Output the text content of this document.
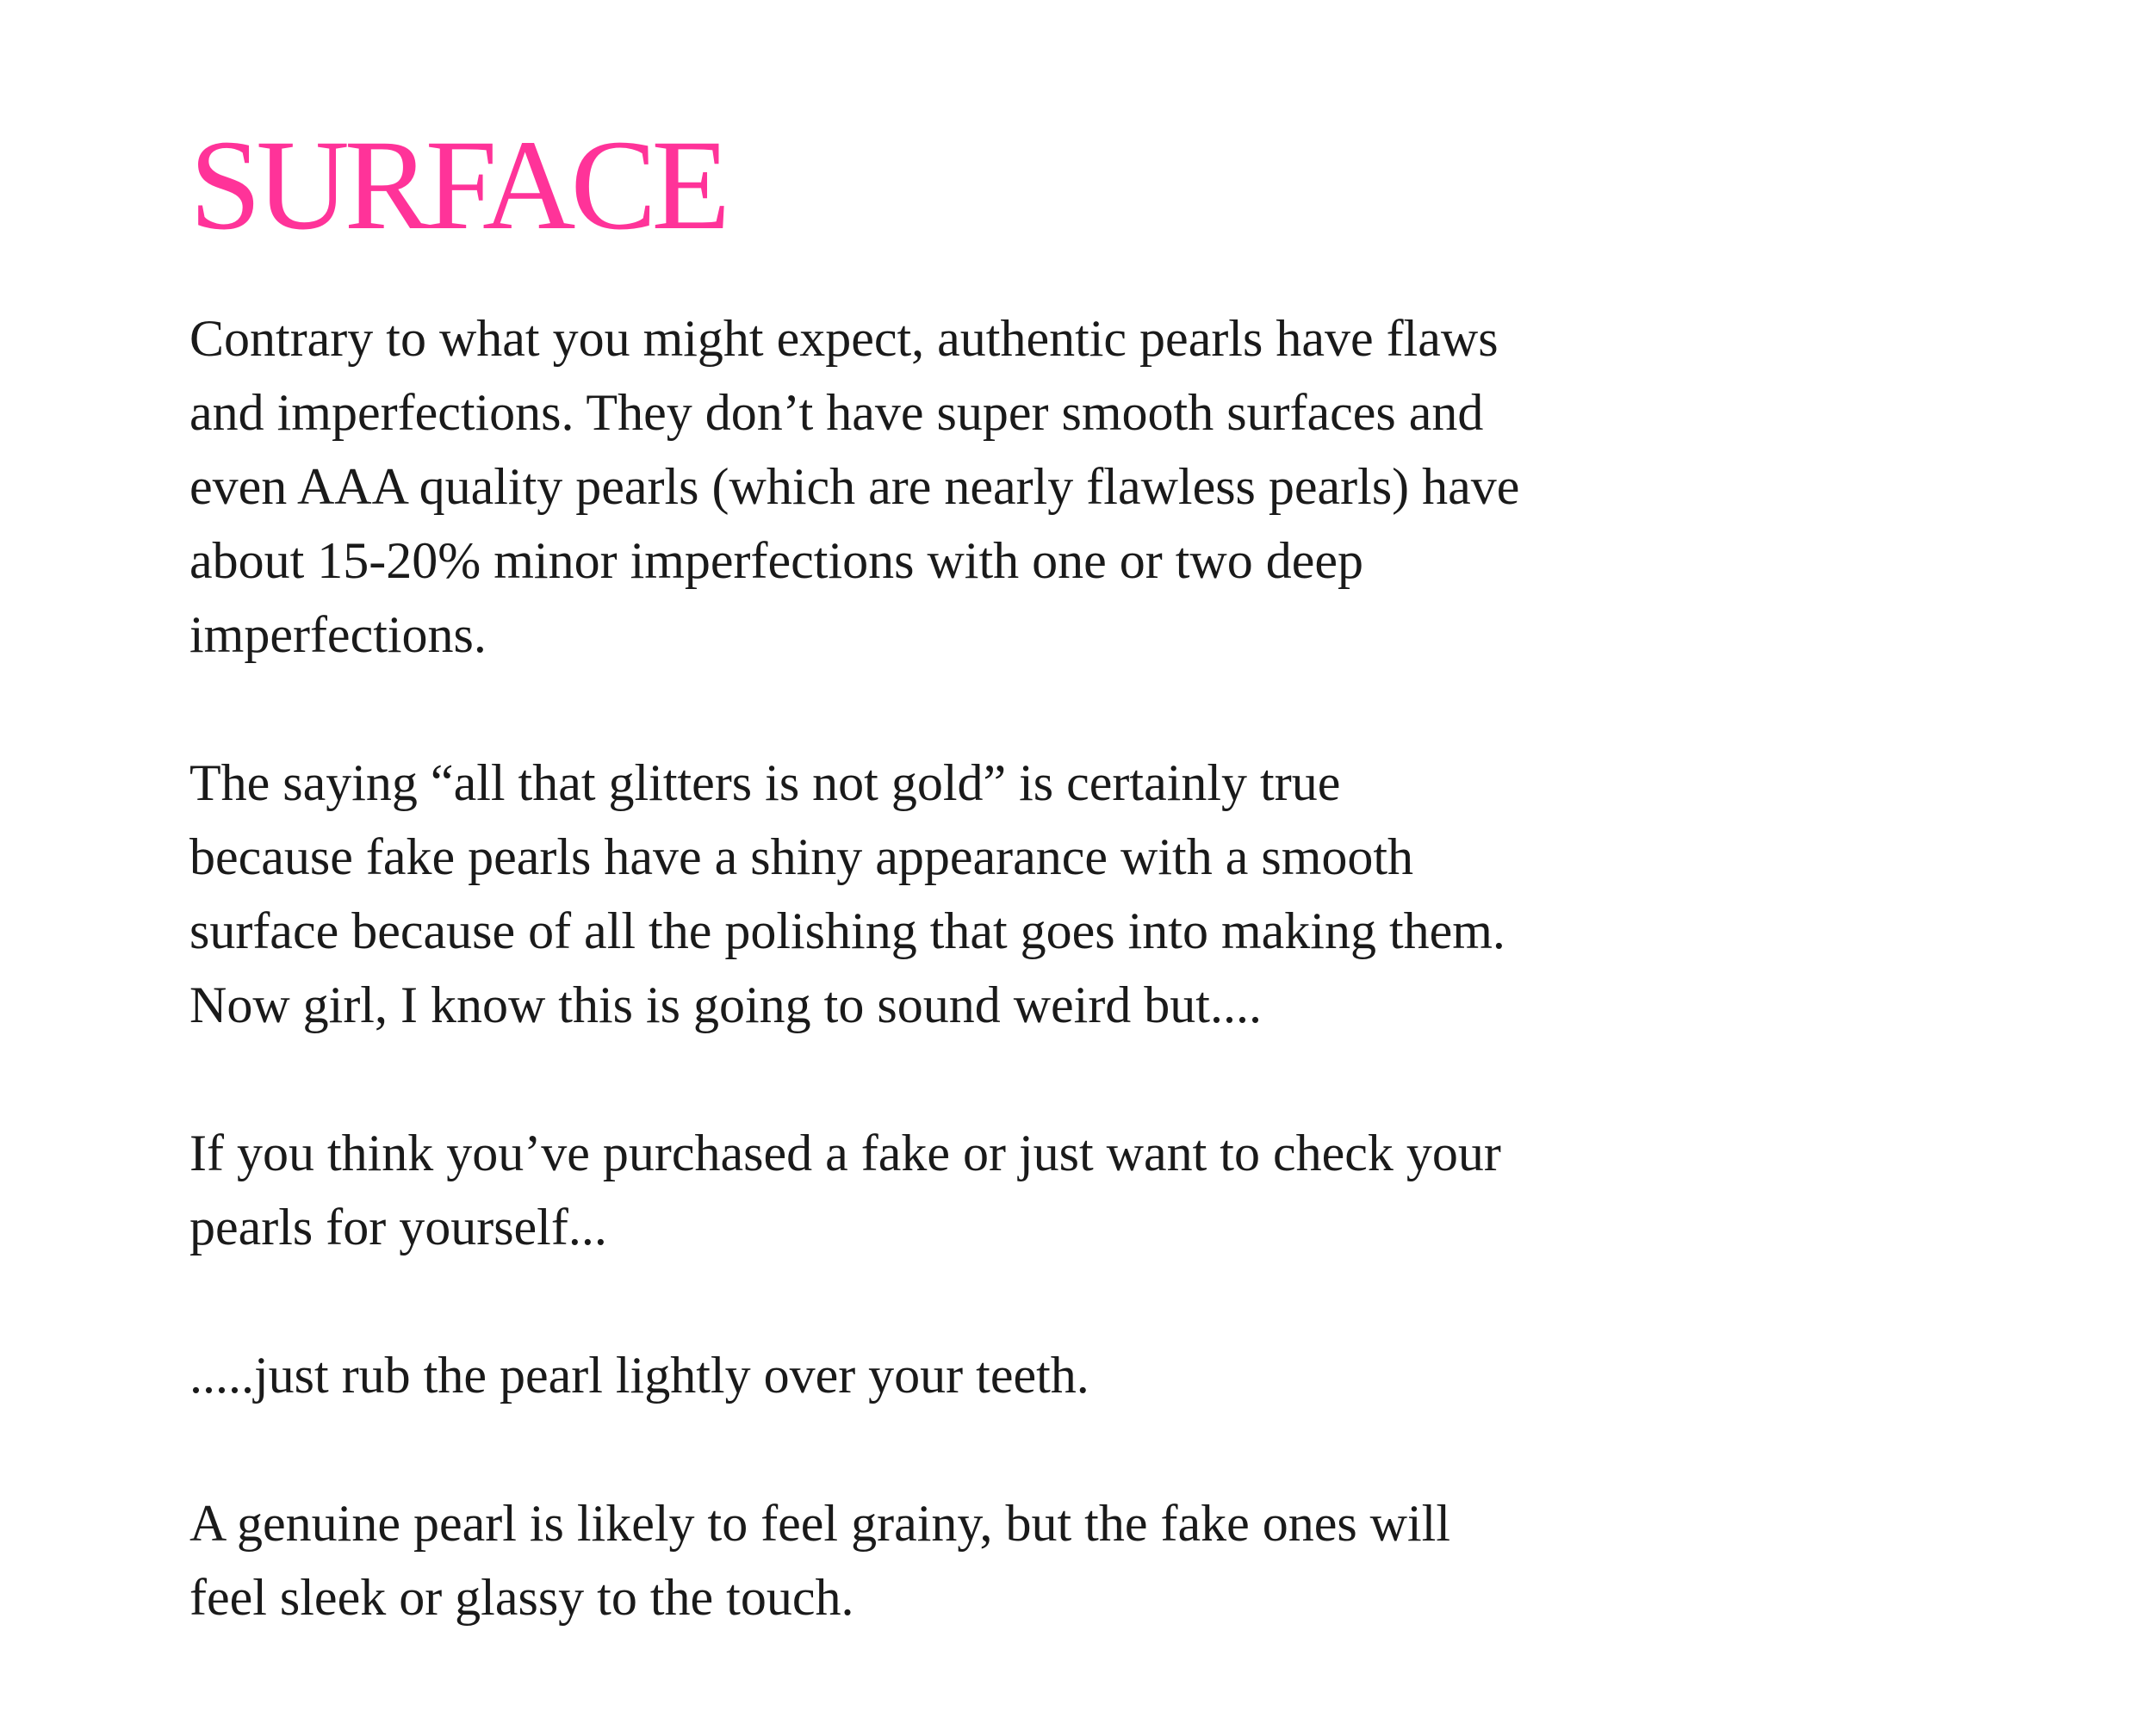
SURFACE

Contrary to what you might expect, authentic pearls have flaws
and imperfections. They don’t have super smooth surfaces and
even AAA quality pearls (which are nearly flawless pearls) have
about 15-20% minor imperfections with one or two deep
imperfections.

The saying “all that glitters is not gold” is certainly true
because fake pearls have a shiny appearance with a smooth
surface because of all the polishing that goes into making them.
Now girl, I know this is going to sound weird but....

If you think you’ve purchased a fake or just want to check your
pearls for yourself...

.....just rub the pearl lightly over your teeth.

A genuine pearl is likely to feel grainy, but the fake ones will
feel sleek or glassy to the touch.
